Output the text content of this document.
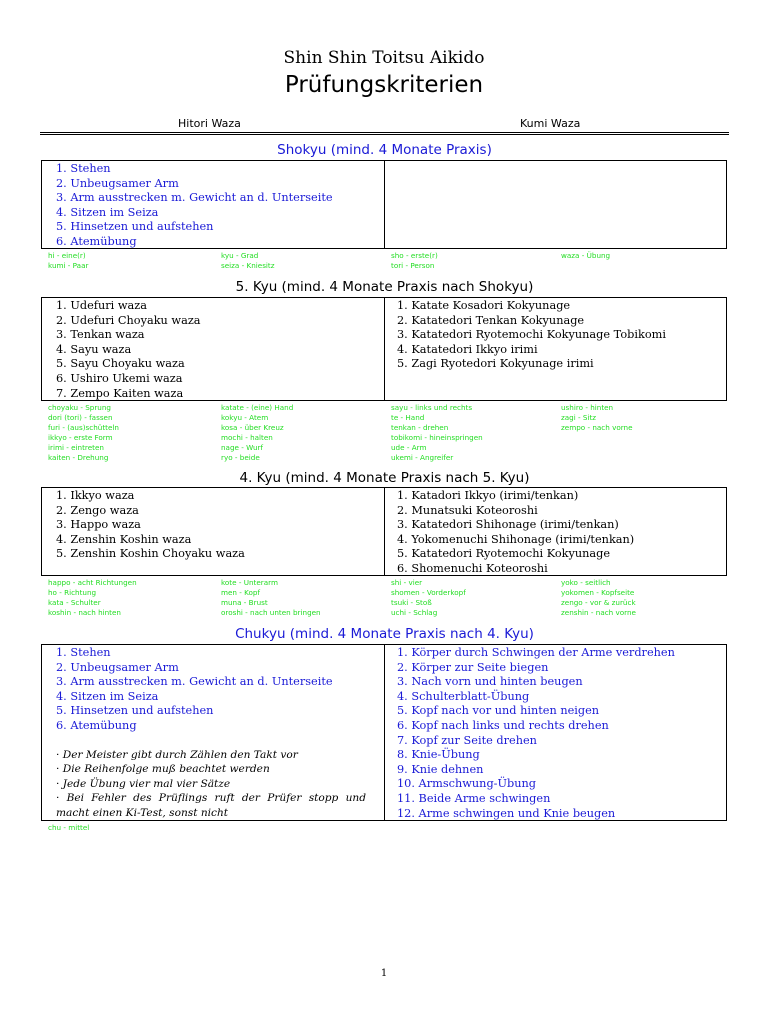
Shin Shin Toitsu Aikido
Prüfungskriterien
Hitori Waza	Kumi Waza
Shokyu (mind. 4 Monate Praxis)
1. Stehen
2. Unbeugsamer Arm
3. Arm ausstrecken m. Gewicht an d. Unterseite
4. Sitzen im Seiza
5. Hinsetzen und aufstehen
6. Atemübung
hi - eine(r)	kyu - Grad	sho - erste(r)	waza - Übung
kumi - Paar	seiza - Kniesitz	tori - Person
5. Kyu (mind. 4 Monate Praxis nach Shokyu)
1. Udefuri waza
2. Udefuri Choyaku waza
3. Tenkan waza
4. Sayu waza
5. Sayu Choyaku waza
6. Ushiro Ukemi waza
7. Zempo Kaiten waza
1. Katate Kosadori Kokyunage
2. Katatedori Tenkan Kokyunage
3. Katatedori Ryotemochi Kokyunage Tobikomi
4. Katatedori Ikkyo irimi
5. Zagi Ryotedori Kokyunage irimi
choyaku - Sprung	katate - (eine) Hand	sayu - links und rechts	ushiro - hinten
dori (tori) - fassen	kokyu - Atem	te - Hand	zagi - Sitz
furi - (aus)schütteln	kosa - über Kreuz	tenkan - drehen	zempo - nach vorne
ikkyo - erste Form	mochi - halten	tobikomi - hineinspringen
irimi - eintreten	nage - Wurf	ude - Arm
kaiten - Drehung	ryo - beide	ukemi - Angreifer
4. Kyu (mind. 4 Monate Praxis nach 5. Kyu)
1. Ikkyo waza
2. Zengo waza
3. Happo waza
4. Zenshin Koshin waza
5. Zenshin Koshin Choyaku waza
1. Katadori Ikkyo (irimi/tenkan)
2. Munatsuki Koteoroshi
3. Katatedori Shihonage (irimi/tenkan)
4. Yokomenuchi Shihonage (irimi/tenkan)
5. Katatedori Ryotemochi Kokyunage
6. Shomenuchi Koteoroshi
happo - acht Richtungen	kote - Unterarm	shi - vier	yoko - seitlich
ho - Richtung	men - Kopf	shomen - Vorderkopf	yokomen - Kopfseite
kata - Schulter	muna - Brust	tsuki - Stoß	zengo - vor & zurück
koshin - nach hinten	oroshi - nach unten bringen	uchi - Schlag	zenshin - nach vorne
Chukyu (mind. 4 Monate Praxis nach 4. Kyu)
1. Stehen
2. Unbeugsamer Arm
3. Arm ausstrecken m. Gewicht an d. Unterseite
4. Sitzen im Seiza
5. Hinsetzen und aufstehen
6. Atemübung
· Der Meister gibt durch Zählen den Takt vor
· Die Reihenfolge muß beachtet werden
· Jede Übung vier mal vier Sätze
· Bei Fehler des Prüflings ruft der Prüfer stopp und
macht einen Ki-Test, sonst nicht
1. Körper durch Schwingen der Arme verdrehen
2. Körper zur Seite biegen
3. Nach vorn und hinten beugen
4. Schulterblatt-Übung
5. Kopf nach vor und hinten neigen
6. Kopf nach links und rechts drehen
7. Kopf zur Seite drehen
8. Knie-Übung
9. Knie dehnen
10. Armschwung-Übung
11. Beide Arme schwingen
12. Arme schwingen und Knie beugen
chu - mittel
1
